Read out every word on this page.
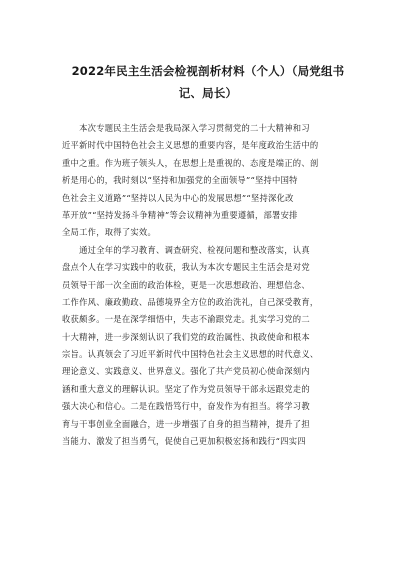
2022年民主生活会检视剖析材料（个人）（局党组书
记、局长）
　　本次专题民主生活会是我局深入学习贯彻党的二十大精神和习
近平新时代中国特色社会主义思想的重要内容，是年度政治生活中的
重中之重。作为班子领头人，在思想上是重视的、态度是端正的、剖
析是用心的，我时刻以“坚持和加强党的全面领导”“坚持中国特
色社会主义道路”“坚持以人民为中心的发展思想”“坚持深化改
革开放”“坚持发扬斗争精神”等会议精神为重要遵循，部署安排
全局工作，取得了实效。
　　通过全年的学习教育、调查研究、检视问题和整改落实，认真
盘点个人在学习实践中的收获，我认为本次专题民主生活会是对党
员领导干部一次全面的政治体检，更是一次思想政治、理想信念、
工作作风、廉政勤政、品德境界全方位的政治洗礼，自己深受教育，
收获颇多。一是在深学细悟中，失志不渝跟党走。扎实学习党的二
十大精神，进一步深刻认识了我们党的政治属性、执政使命和根本
宗旨。认真领会了习近平新时代中国特色社会主义思想的时代意义、
理论意义、实践意义、世界意义。强化了共产党员初心使命深刻内
涵和重大意义的理解认识。坚定了作为党员领导干部永远跟党走的
强大决心和信心。二是在践悟笃行中，奋发作为有担当。将学习教
育与干事创业全面融合，进一步增强了自身的担当精神，提升了担
当能力、激发了担当勇气，促使自己更加积极宏扬和践行“四实四
